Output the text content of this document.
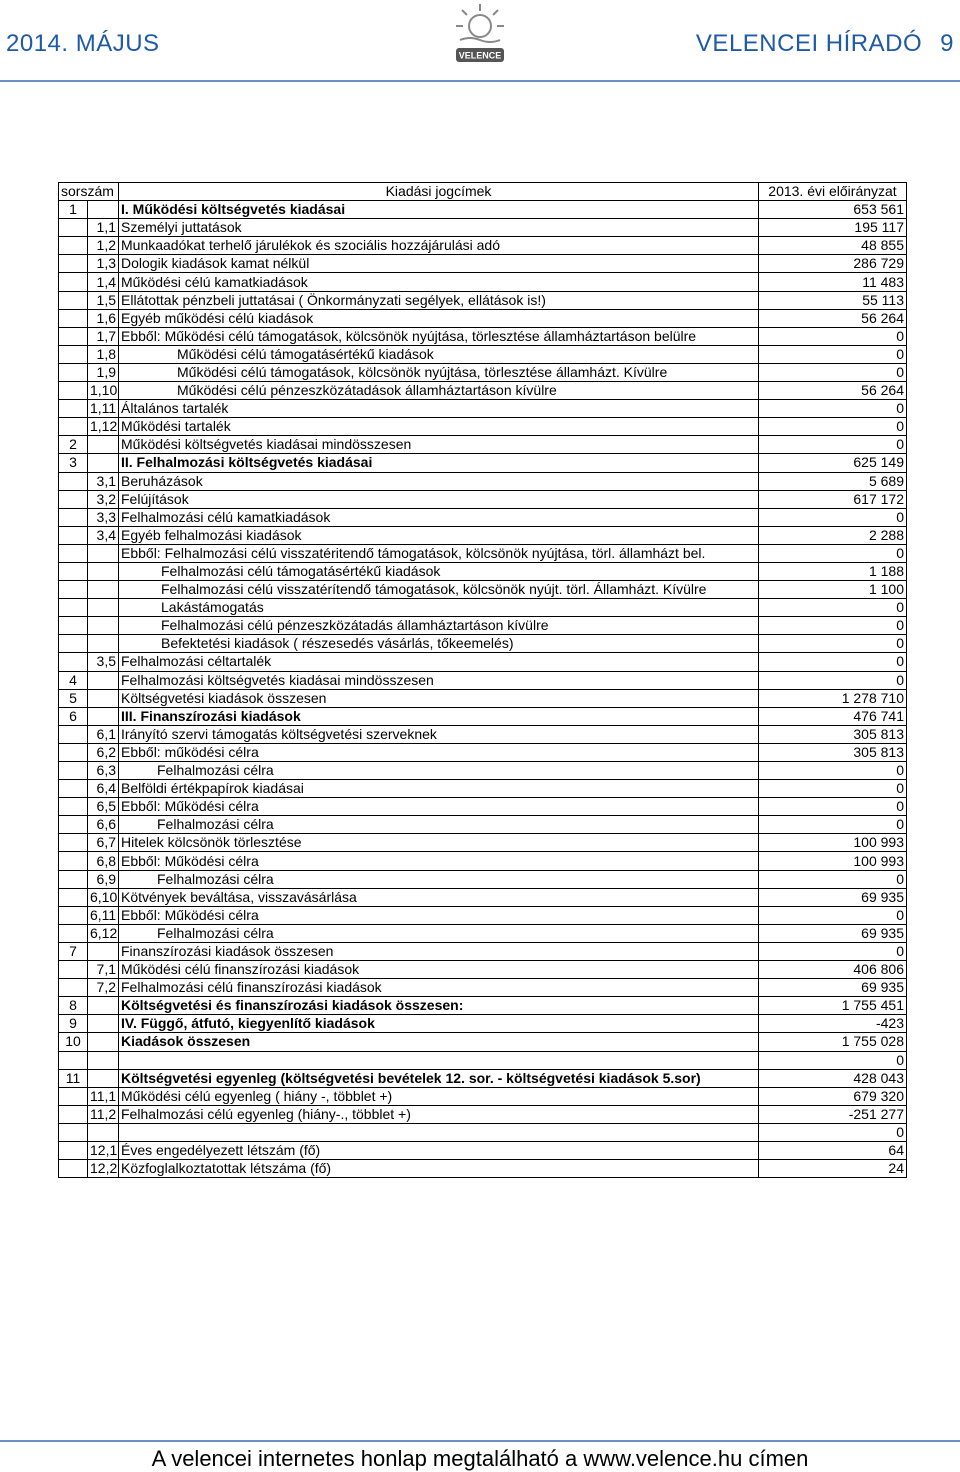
2014. MÁJUS	VELENCE	VELENCEI HÍRADÓ 9
sorszám		Kiadási jogcímek	2013. évi előirányzat
1		I. Működési költségvetés kiadásai	653 561
	1,1	Személyi juttatások	195 117
	1,2	Munkaadókat terhelő járulékok és szociális hozzájárulási adó	48 855
	1,3	Dologik kiadások kamat nélkül	286 729
	1,4	Működési célú kamatkiadások	11 483
	1,5	Ellátottak pénzbeli juttatásai ( Önkormányzati segélyek, ellátások is!)	55 113
	1,6	Egyéb működési célú kiadások	56 264
	1,7	Ebből: Működési célú támogatások, kölcsönök nyújtása, törlesztése államháztartáson belülre	0
	1,8	Működési célú támogatásértékű kiadások	0
	1,9	Működési célú támogatások, kölcsönök nyújtása, törlesztése államházt. Kívülre	0
	1,10	Működési célú pénzeszközátadások államháztartáson kívülre	56 264
	1,11	Általános tartalék	0
	1,12	Működési tartalék	0
2		Működési költségvetés kiadásai mindösszesen	0
3		II. Felhalmozási költségvetés kiadásai	625 149
	3,1	Beruházások	5 689
	3,2	Felújítások	617 172
	3,3	Felhalmozási célú kamatkiadások	0
	3,4	Egyéb felhalmozási kiadások	2 288
		Ebből: Felhalmozási célú visszatéritendő támogatások, kölcsönök nyújtása, törl. államházt bel.	0
		Felhalmozási célú támogatásértékű kiadások	1 188
		Felhalmozási célú visszatérítendő támogatások, kölcsönök nyújt. törl. Államházt. Kívülre	1 100
		Lakástámogatás	0
		Felhalmozási célú pénzeszközátadás államháztartáson kívülre	0
		Befektetési kiadások ( részesedés vásárlás, tőkeemelés)	0
	3,5	Felhalmozási céltartalék	0
4		Felhalmozási költségvetés kiadásai mindösszesen	0
5		Költségvetési kiadások összesen	1 278 710
6		III. Finanszírozási kiadások	476 741
	6,1	Irányító szervi támogatás költségvetési szerveknek	305 813
	6,2	Ebből: működési célra	305 813
	6,3	Felhalmozási célra	0
	6,4	Belföldi értékpapírok kiadásai	0
	6,5	Ebből: Működési célra	0
	6,6	Felhalmozási célra	0
	6,7	Hitelek kölcsönök törlesztése	100 993
	6,8	Ebből: Működési célra	100 993
	6,9	Felhalmozási célra	0
	6,10	Kötvények beváltása, visszavásárlása	69 935
	6,11	Ebből: Működési célra	0
	6,12	Felhalmozási célra	69 935
7		Finanszírozási kiadások összesen	0
	7,1	Működési célú finanszírozási kiadások	406 806
	7,2	Felhalmozási célú finanszírozási kiadások	69 935
8		Költségvetési és finanszírozási kiadások összesen:	1 755 451
9		IV. Függő, átfutó, kiegyenlítő kiadások	-423
10		Kiadások összesen	1 755 028
			0
11		Költségvetési egyenleg (költségvetési bevételek 12. sor. - költségvetési kiadások 5.sor)	428 043
	11,1	Működési célú egyenleg ( hiány -, többlet +)	679 320
	11,2	Felhalmozási célú egyenleg (hiány-., többlet +)	-251 277
			0
	12,1	Éves engedélyezett létszám (fő)	64
	12,2	Közfoglalkoztatottak létszáma (fő)	24
A velencei internetes honlap megtalálható a www.velence.hu címen
